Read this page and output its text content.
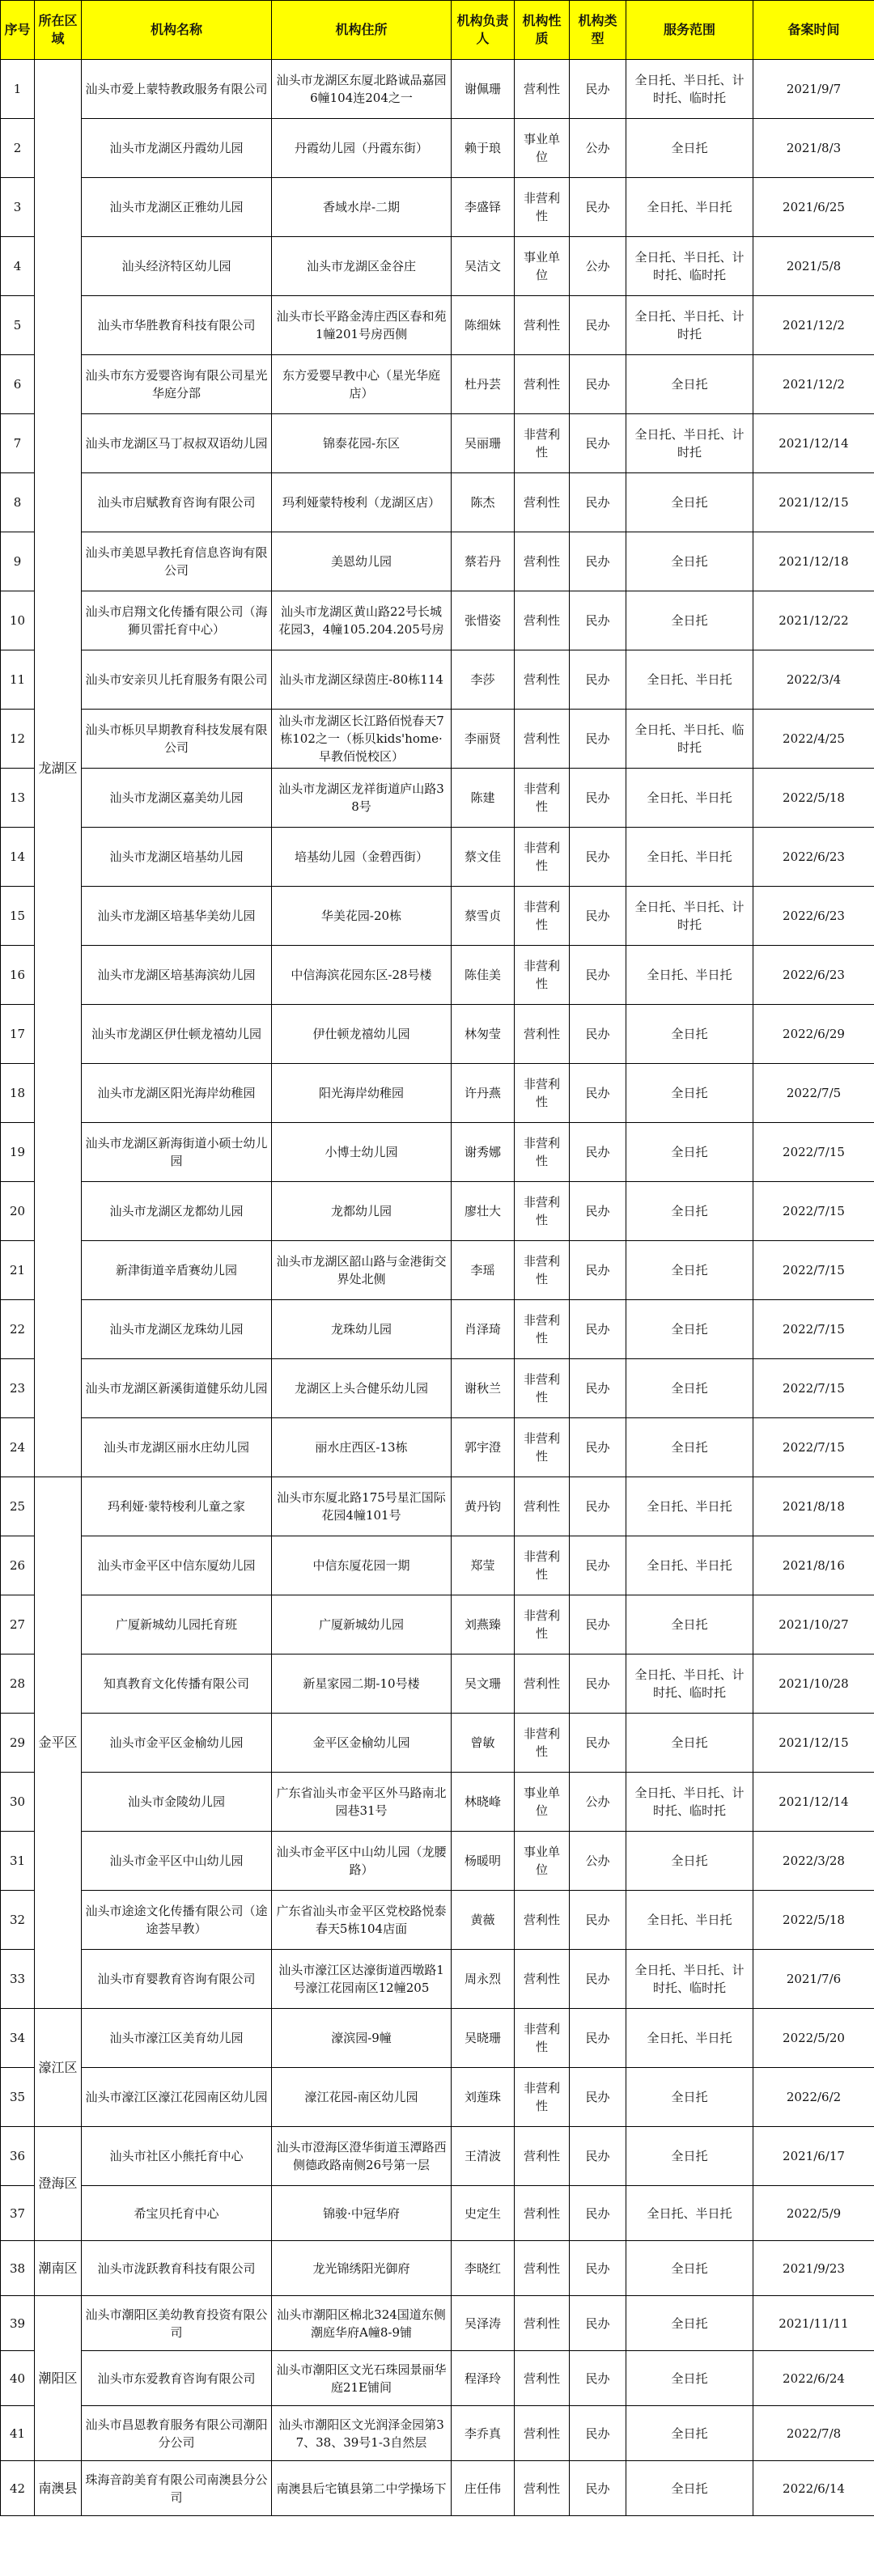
序号	所在区域	机构名称	机构住所	机构负责人	机构性质	机构类型	服务范围	备案时间
1	龙湖区	汕头市爱上蒙特教政服务有限公司	汕头市龙湖区东厦北路诚品嘉园6幢104连204之一	谢佩珊	营利性	民办	全日托、半日托、计时托、临时托	2021/9/7
2		汕头市龙湖区丹霞幼儿园	丹霞幼儿园（丹霞东街）	赖于琅	事业单位	公办	全日托	2021/8/3
3		汕头市龙湖区正雅幼儿园	香域水岸-二期	李盛铎	非营利性	民办	全日托、半日托	2021/6/25
4		汕头经济特区幼儿园	汕头市龙湖区金谷庄	吴洁文	事业单位	公办	全日托、半日托、计时托、临时托	2021/5/8
5		汕头市华胜教育科技有限公司	汕头市长平路金涛庄西区春和苑1幢201号房西侧	陈细妹	营利性	民办	全日托、半日托、计时托	2021/12/2
6		汕头市东方爱婴咨询有限公司星光华庭分部	东方爱婴早教中心（星光华庭店）	杜丹芸	营利性	民办	全日托	2021/12/2
7		汕头市龙湖区马丁叔叔双语幼儿园	锦泰花园-东区	吴丽珊	非营利性	民办	全日托、半日托、计时托	2021/12/14
8		汕头市启赋教育咨询有限公司	玛利娅蒙特梭利（龙湖区店）	陈杰	营利性	民办	全日托	2021/12/15
9		汕头市美恩早教托育信息咨询有限公司	美恩幼儿园	蔡若丹	营利性	民办	全日托	2021/12/18
10		汕头市启翔文化传播有限公司（海狮贝雷托育中心）	汕头市龙湖区黄山路22号长城花园3，4幢105.204.205号房	张惜姿	营利性	民办	全日托	2021/12/22
11		汕头市安亲贝儿托育服务有限公司	汕头市龙湖区绿茵庄-80栋114	李莎	营利性	民办	全日托、半日托	2022/3/4
12		汕头市栎贝早期教育科技发展有限公司	汕头市龙湖区长江路佰悦春天7栋102之一（栎贝kids'home·早教佰悦校区）	李丽贤	营利性	民办	全日托、半日托、临时托	2022/4/25
13		汕头市龙湖区嘉美幼儿园	汕头市龙湖区龙祥街道庐山路38号	陈建	非营利性	民办	全日托、半日托	2022/5/18
14		汕头市龙湖区培基幼儿园	培基幼儿园（金碧西街）	蔡文佳	非营利性	民办	全日托、半日托	2022/6/23
15		汕头市龙湖区培基华美幼儿园	华美花园-20栋	蔡雪贞	非营利性	民办	全日托、半日托、计时托	2022/6/23
16		汕头市龙湖区培基海滨幼儿园	中信海滨花园东区-28号楼	陈佳美	非营利性	民办	全日托、半日托	2022/6/23
17		汕头市龙湖区伊仕顿龙禧幼儿园	伊仕顿龙禧幼儿园	林匆莹	营利性	民办	全日托	2022/6/29
18		汕头市龙湖区阳光海岸幼稚园	阳光海岸幼稚园	许丹燕	非营利性	民办	全日托	2022/7/5
19		汕头市龙湖区新海街道小硕士幼儿园	小博士幼儿园	谢秀娜	非营利性	民办	全日托	2022/7/15
20		汕头市龙湖区龙都幼儿园	龙都幼儿园	廖壮大	非营利性	民办	全日托	2022/7/15
21		新津街道辛盾赛幼儿园	汕头市龙湖区韶山路与金港街交界处北侧	李瑶	非营利性	民办	全日托	2022/7/15
22		汕头市龙湖区龙珠幼儿园	龙珠幼儿园	肖泽琦	非营利性	民办	全日托	2022/7/15
23		汕头市龙湖区新溪街道健乐幼儿园	龙湖区上头合健乐幼儿园	谢秋兰	非营利性	民办	全日托	2022/7/15
24		汕头市龙湖区丽水庄幼儿园	丽水庄西区-13栋	郭宇澄	非营利性	民办	全日托	2022/7/15
25	金平区	玛利娅·蒙特梭利儿童之家	汕头市东厦北路175号星汇国际花园4幢101号	黄丹钧	营利性	民办	全日托、半日托	2021/8/18
26		汕头市金平区中信东厦幼儿园	中信东厦花园一期	郑莹	非营利性	民办	全日托、半日托	2021/8/16
27		广厦新城幼儿园托育班	广厦新城幼儿园	刘燕臻	非营利性	民办	全日托	2021/10/27
28		知真教育文化传播有限公司	新星家园二期-10号楼	吴文珊	营利性	民办	全日托、半日托、计时托、临时托	2021/10/28
29		汕头市金平区金榆幼儿园	金平区金榆幼儿园	曾敏	非营利性	民办	全日托	2021/12/15
30		汕头市金陵幼儿园	广东省汕头市金平区外马路南北园巷31号	林晓峰	事业单位	公办	全日托、半日托、计时托、临时托	2021/12/14
31		汕头市金平区中山幼儿园	汕头市金平区中山幼儿园（龙腰路）	杨暖明	事业单位	公办	全日托	2022/3/28
32		汕头市途途文化传播有限公司（途途荟早教）	广东省汕头市金平区党校路悦泰春天5栋104店面	黄薇	营利性	民办	全日托、半日托	2022/5/18
33		汕头市育婴教育咨询有限公司	汕头市濠江区达濠街道西墩路1号濠江花园南区12幢205	周永烈	营利性	民办	全日托、半日托、计时托、临时托	2021/7/6
34	濠江区	汕头市濠江区美育幼儿园	濠滨园-9幢	吴晓珊	非营利性	民办	全日托、半日托	2022/5/20
35		汕头市濠江区濠江花园南区幼儿园	濠江花园-南区幼儿园	刘莲珠	非营利性	民办	全日托	2022/6/2
36	澄海区	汕头市社区小熊托育中心	汕头市澄海区澄华街道玉潭路西侧德政路南侧26号第一层	王清波	营利性	民办	全日托	2021/6/17
37		希宝贝托育中心	锦骏·中冠华府	史定生	营利性	民办	全日托、半日托	2022/5/9
38	潮南区	汕头市泷跃教育科技有限公司	龙光锦绣阳光御府	李晓红	营利性	民办	全日托	2021/9/23
39	潮阳区	汕头市潮阳区美幼教育投资有限公司	汕头市潮阳区棉北324国道东侧潮庭华府A幢8-9铺	吴泽涛	营利性	民办	全日托	2021/11/11
40		汕头市东爱教育咨询有限公司	汕头市潮阳区文光石珠园景丽华庭21E铺间	程泽玲	营利性	民办	全日托	2022/6/24
41		汕头市昌恩教育服务有限公司潮阳分公司	汕头市潮阳区文光润泽金园第37、38、39号1-3自然层	李乔真	营利性	民办	全日托	2022/7/8
42	南澳县	珠海音韵美育有限公司南澳县分公司	南澳县后宅镇县第二中学操场下	庄任伟	营利性	民办	全日托	2022/6/14
